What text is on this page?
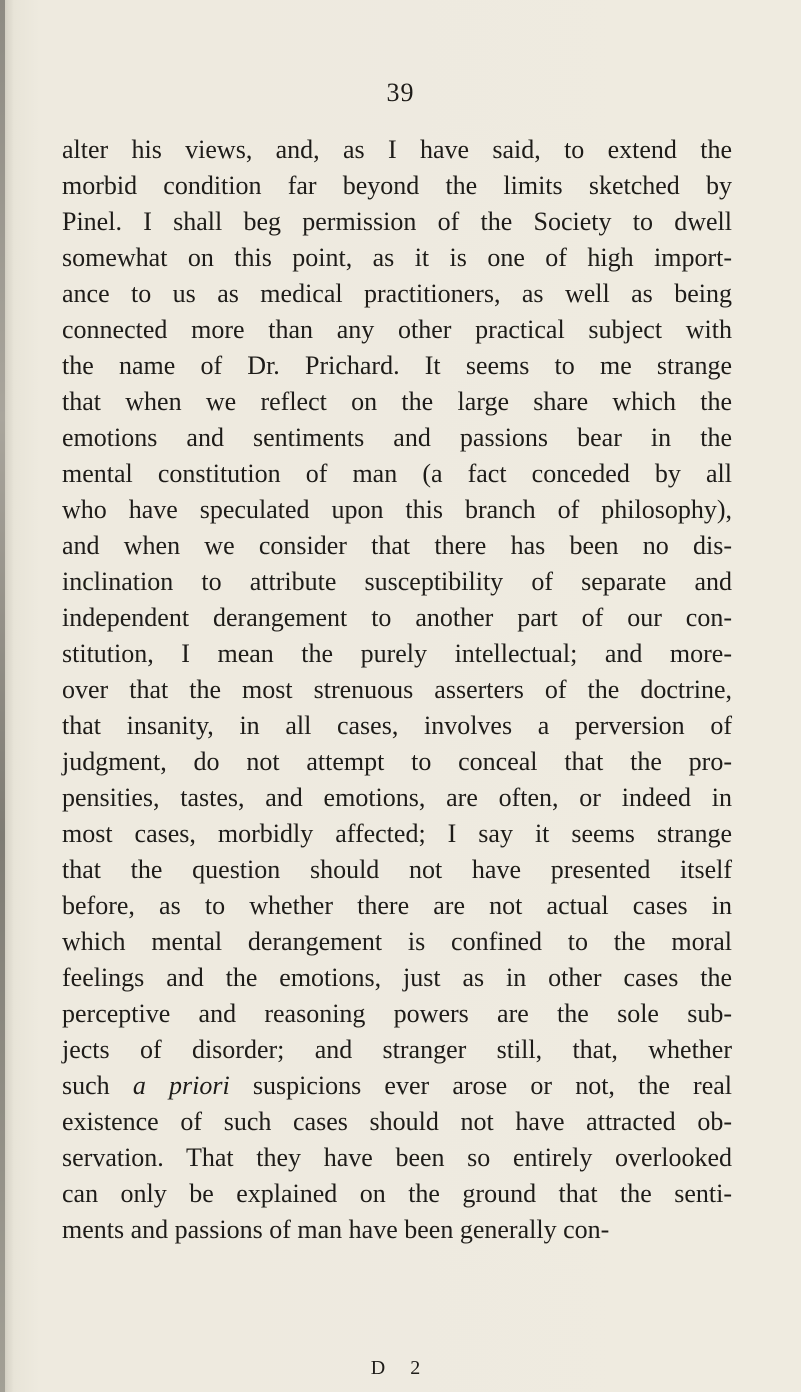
39
alter his views, and, as I have said, to extend the
morbid condition far beyond the limits sketched by
Pinel. I shall beg permission of the Society to dwell
somewhat on this point, as it is one of high import-
ance to us as medical practitioners, as well as being
connected more than any other practical subject with
the name of Dr. Prichard. It seems to me strange
that when we reflect on the large share which the
emotions and sentiments and passions bear in the
mental constitution of man (a fact conceded by all
who have speculated upon this branch of philosophy),
and when we consider that there has been no dis-
inclination to attribute susceptibility of separate and
independent derangement to another part of our con-
stitution, I mean the purely intellectual; and more-
over that the most strenuous asserters of the doctrine,
that insanity, in all cases, involves a perversion of
judgment, do not attempt to conceal that the pro-
pensities, tastes, and emotions, are often, or indeed in
most cases, morbidly affected; I say it seems strange
that the question should not have presented itself
before, as to whether there are not actual cases in
which mental derangement is confined to the moral
feelings and the emotions, just as in other cases the
perceptive and reasoning powers are the sole sub-
jects of disorder; and stranger still, that, whether
such a priori suspicions ever arose or not, the real
existence of such cases should not have attracted ob-
servation. That they have been so entirely overlooked
can only be explained on the ground that the senti-
ments and passions of man have been generally con-
D 2
